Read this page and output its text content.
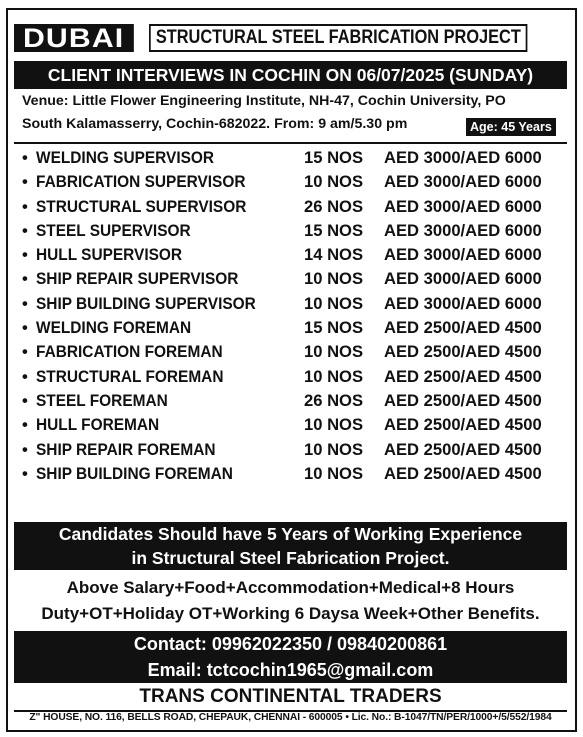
DUBAI	STRUCTURAL STEEL FABRICATION PROJECT
CLIENT INTERVIEWS IN COCHIN ON 06/07/2025 (SUNDAY)
Venue: Little Flower Engineering Institute, NH-47, Cochin University, PO
South Kalamasserry, Cochin-682022. From: 9 am/5.30 pm	Age: 45 Years
• WELDING SUPERVISOR	15 NOS AED 3000/AED 6000
• FABRICATION SUPERVISOR	10 NOS AED 3000/AED 6000
• STRUCTURAL SUPERVISOR	26 NOS AED 3000/AED 6000
• STEEL SUPERVISOR	15 NOS AED 3000/AED 6000
• HULL SUPERVISOR	14 NOS AED 3000/AED 6000
• SHIP REPAIR SUPERVISOR	10 NOS AED 3000/AED 6000
• SHIP BUILDING SUPERVISOR	10 NOS AED 3000/AED 6000
• WELDING FOREMAN	15 NOS AED 2500/AED 4500
• FABRICATION FOREMAN	10 NOS AED 2500/AED 4500
• STRUCTURAL FOREMAN	10 NOS AED 2500/AED 4500
• STEEL FOREMAN	26 NOS AED 2500/AED 4500
• HULL FOREMAN	10 NOS AED 2500/AED 4500
• SHIP REPAIR FOREMAN	10 NOS AED 2500/AED 4500
• SHIP BUILDING FOREMAN	10 NOS AED 2500/AED 4500
Candidates Should have 5 Years of Working Experience
in Structural Steel Fabrication Project.
Above Salary+Food+Accommodation+Medical+8 Hours
Duty+OT+Holiday OT+Working 6 Daysa Week+Other Benefits.
Contact: 09962022350 / 09840200861
Email: tctcochin1965@gmail.com
TRANS CONTINENTAL TRADERS
Z" HOUSE, NO. 116, BELLS ROAD, CHEPAUK, CHENNAI - 600005 • Lic. No.: B-1047/TN/PER/1000+/5/552/1984
